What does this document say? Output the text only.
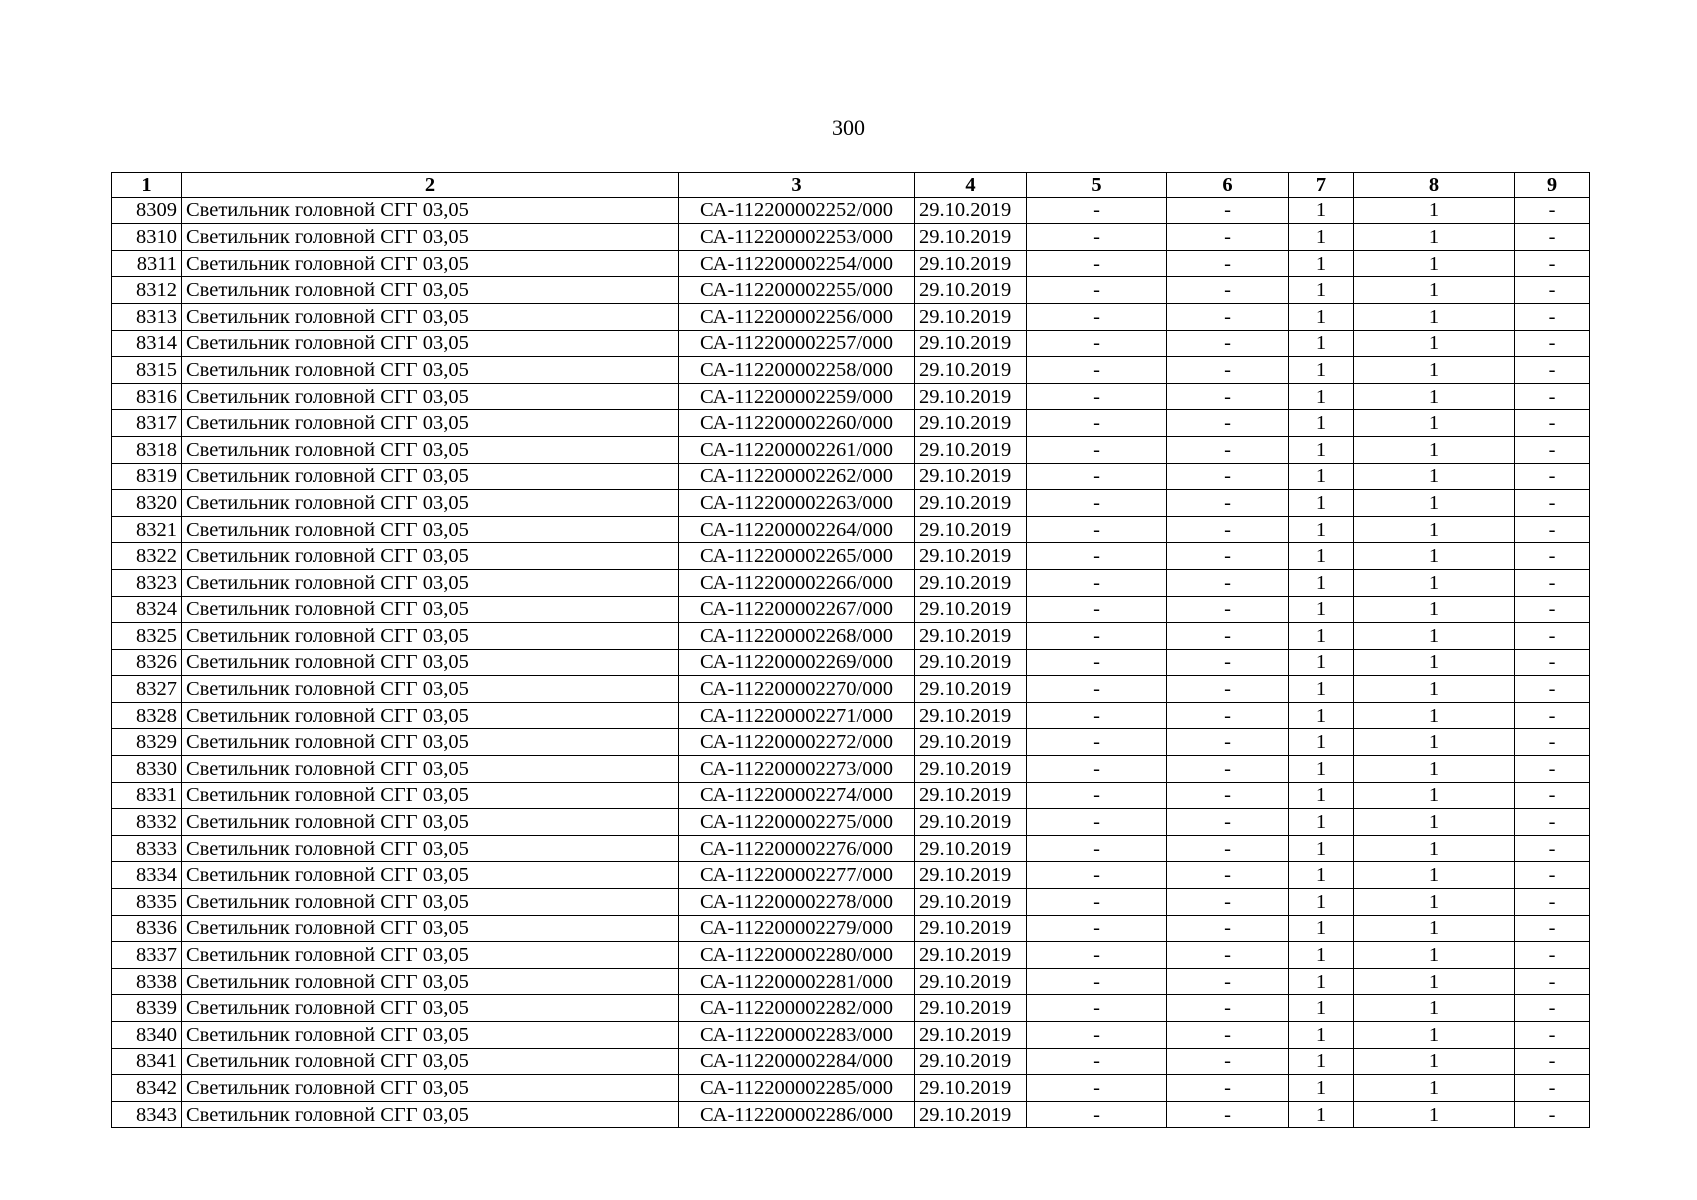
300
1	2	3	4	5	6	7	8	9
8309	Светильник головной СГГ 03,05	СА-112200002252/000	29.10.2019	-	-	1	1	-
8310	Светильник головной СГГ 03,05	СА-112200002253/000	29.10.2019	-	-	1	1	-
8311	Светильник головной СГГ 03,05	СА-112200002254/000	29.10.2019	-	-	1	1	-
8312	Светильник головной СГГ 03,05	СА-112200002255/000	29.10.2019	-	-	1	1	-
8313	Светильник головной СГГ 03,05	СА-112200002256/000	29.10.2019	-	-	1	1	-
8314	Светильник головной СГГ 03,05	СА-112200002257/000	29.10.2019	-	-	1	1	-
8315	Светильник головной СГГ 03,05	СА-112200002258/000	29.10.2019	-	-	1	1	-
8316	Светильник головной СГГ 03,05	СА-112200002259/000	29.10.2019	-	-	1	1	-
8317	Светильник головной СГГ 03,05	СА-112200002260/000	29.10.2019	-	-	1	1	-
8318	Светильник головной СГГ 03,05	СА-112200002261/000	29.10.2019	-	-	1	1	-
8319	Светильник головной СГГ 03,05	СА-112200002262/000	29.10.2019	-	-	1	1	-
8320	Светильник головной СГГ 03,05	СА-112200002263/000	29.10.2019	-	-	1	1	-
8321	Светильник головной СГГ 03,05	СА-112200002264/000	29.10.2019	-	-	1	1	-
8322	Светильник головной СГГ 03,05	СА-112200002265/000	29.10.2019	-	-	1	1	-
8323	Светильник головной СГГ 03,05	СА-112200002266/000	29.10.2019	-	-	1	1	-
8324	Светильник головной СГГ 03,05	СА-112200002267/000	29.10.2019	-	-	1	1	-
8325	Светильник головной СГГ 03,05	СА-112200002268/000	29.10.2019	-	-	1	1	-
8326	Светильник головной СГГ 03,05	СА-112200002269/000	29.10.2019	-	-	1	1	-
8327	Светильник головной СГГ 03,05	СА-112200002270/000	29.10.2019	-	-	1	1	-
8328	Светильник головной СГГ 03,05	СА-112200002271/000	29.10.2019	-	-	1	1	-
8329	Светильник головной СГГ 03,05	СА-112200002272/000	29.10.2019	-	-	1	1	-
8330	Светильник головной СГГ 03,05	СА-112200002273/000	29.10.2019	-	-	1	1	-
8331	Светильник головной СГГ 03,05	СА-112200002274/000	29.10.2019	-	-	1	1	-
8332	Светильник головной СГГ 03,05	СА-112200002275/000	29.10.2019	-	-	1	1	-
8333	Светильник головной СГГ 03,05	СА-112200002276/000	29.10.2019	-	-	1	1	-
8334	Светильник головной СГГ 03,05	СА-112200002277/000	29.10.2019	-	-	1	1	-
8335	Светильник головной СГГ 03,05	СА-112200002278/000	29.10.2019	-	-	1	1	-
8336	Светильник головной СГГ 03,05	СА-112200002279/000	29.10.2019	-	-	1	1	-
8337	Светильник головной СГГ 03,05	СА-112200002280/000	29.10.2019	-	-	1	1	-
8338	Светильник головной СГГ 03,05	СА-112200002281/000	29.10.2019	-	-	1	1	-
8339	Светильник головной СГГ 03,05	СА-112200002282/000	29.10.2019	-	-	1	1	-
8340	Светильник головной СГГ 03,05	СА-112200002283/000	29.10.2019	-	-	1	1	-
8341	Светильник головной СГГ 03,05	СА-112200002284/000	29.10.2019	-	-	1	1	-
8342	Светильник головной СГГ 03,05	СА-112200002285/000	29.10.2019	-	-	1	1	-
8343	Светильник головной СГГ 03,05	СА-112200002286/000	29.10.2019	-	-	1	1	-
